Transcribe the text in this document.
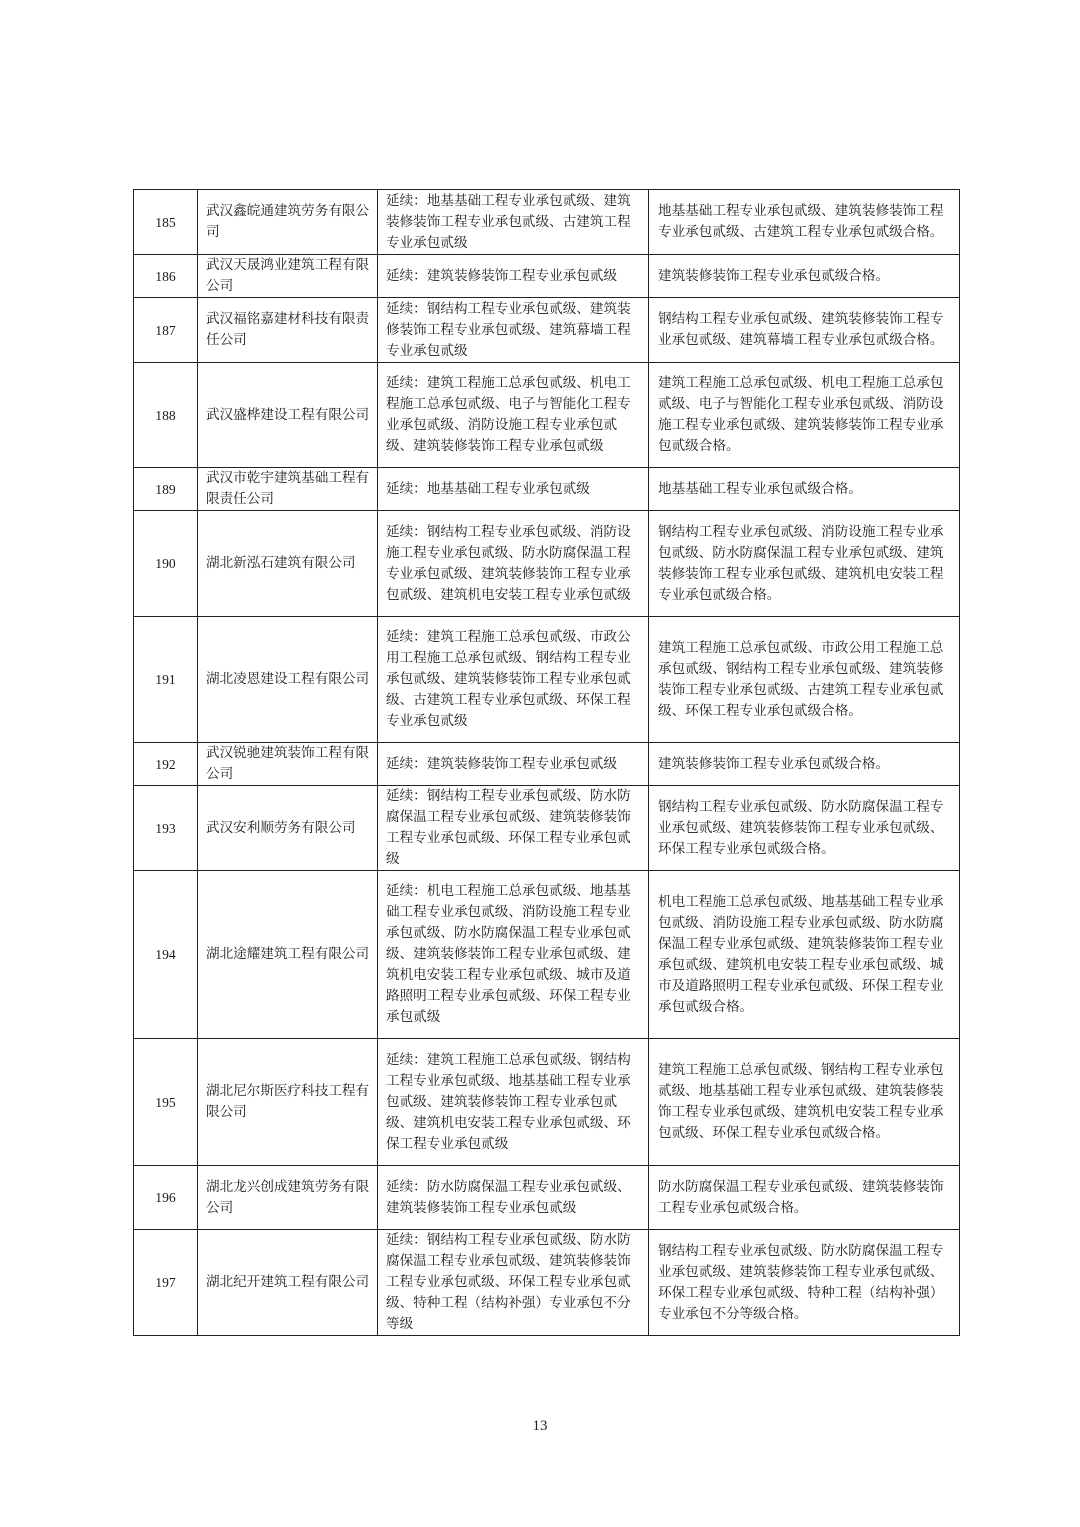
185	武汉鑫皖通建筑劳务有限公司	延续：地基基础工程专业承包贰级、建筑装修装饰工程专业承包贰级、古建筑工程专业承包贰级	地基基础工程专业承包贰级、建筑装修装饰工程专业承包贰级、古建筑工程专业承包贰级合格。
186	武汉天晟鸿业建筑工程有限公司	延续：建筑装修装饰工程专业承包贰级	建筑装修装饰工程专业承包贰级合格。
187	武汉福铭嘉建材科技有限责任公司	延续：钢结构工程专业承包贰级、建筑装修装饰工程专业承包贰级、建筑幕墙工程专业承包贰级	钢结构工程专业承包贰级、建筑装修装饰工程专业承包贰级、建筑幕墙工程专业承包贰级合格。
188	武汉盛桦建设工程有限公司	延续：建筑工程施工总承包贰级、机电工程施工总承包贰级、电子与智能化工程专业承包贰级、消防设施工程专业承包贰级、建筑装修装饰工程专业承包贰级	建筑工程施工总承包贰级、机电工程施工总承包贰级、电子与智能化工程专业承包贰级、消防设施工程专业承包贰级、建筑装修装饰工程专业承包贰级合格。
189	武汉市乾宇建筑基础工程有限责任公司	延续：地基基础工程专业承包贰级	地基基础工程专业承包贰级合格。
190	湖北新泓石建筑有限公司	延续：钢结构工程专业承包贰级、消防设施工程专业承包贰级、防水防腐保温工程专业承包贰级、建筑装修装饰工程专业承包贰级、建筑机电安装工程专业承包贰级	钢结构工程专业承包贰级、消防设施工程专业承包贰级、防水防腐保温工程专业承包贰级、建筑装修装饰工程专业承包贰级、建筑机电安装工程专业承包贰级合格。
191	湖北凌恩建设工程有限公司	延续：建筑工程施工总承包贰级、市政公用工程施工总承包贰级、钢结构工程专业承包贰级、建筑装修装饰工程专业承包贰级、古建筑工程专业承包贰级、环保工程专业承包贰级	建筑工程施工总承包贰级、市政公用工程施工总承包贰级、钢结构工程专业承包贰级、建筑装修装饰工程专业承包贰级、古建筑工程专业承包贰级、环保工程专业承包贰级合格。
192	武汉锐驰建筑装饰工程有限公司	延续：建筑装修装饰工程专业承包贰级	建筑装修装饰工程专业承包贰级合格。
193	武汉安利顺劳务有限公司	延续：钢结构工程专业承包贰级、防水防腐保温工程专业承包贰级、建筑装修装饰工程专业承包贰级、环保工程专业承包贰级	钢结构工程专业承包贰级、防水防腐保温工程专业承包贰级、建筑装修装饰工程专业承包贰级、环保工程专业承包贰级合格。
194	湖北途耀建筑工程有限公司	延续：机电工程施工总承包贰级、地基基础工程专业承包贰级、消防设施工程专业承包贰级、防水防腐保温工程专业承包贰级、建筑装修装饰工程专业承包贰级、建筑机电安装工程专业承包贰级、城市及道路照明工程专业承包贰级、环保工程专业承包贰级	机电工程施工总承包贰级、地基基础工程专业承包贰级、消防设施工程专业承包贰级、防水防腐保温工程专业承包贰级、建筑装修装饰工程专业承包贰级、建筑机电安装工程专业承包贰级、城市及道路照明工程专业承包贰级、环保工程专业承包贰级合格。
195	湖北尼尔斯医疗科技工程有限公司	延续：建筑工程施工总承包贰级、钢结构工程专业承包贰级、地基基础工程专业承包贰级、建筑装修装饰工程专业承包贰级、建筑机电安装工程专业承包贰级、环保工程专业承包贰级	建筑工程施工总承包贰级、钢结构工程专业承包贰级、地基基础工程专业承包贰级、建筑装修装饰工程专业承包贰级、建筑机电安装工程专业承包贰级、环保工程专业承包贰级合格。
196	湖北龙兴创成建筑劳务有限公司	延续：防水防腐保温工程专业承包贰级、建筑装修装饰工程专业承包贰级	防水防腐保温工程专业承包贰级、建筑装修装饰工程专业承包贰级合格。
197	湖北纪开建筑工程有限公司	延续：钢结构工程专业承包贰级、防水防腐保温工程专业承包贰级、建筑装修装饰工程专业承包贰级、环保工程专业承包贰级、特种工程（结构补强）专业承包不分等级	钢结构工程专业承包贰级、防水防腐保温工程专业承包贰级、建筑装修装饰工程专业承包贰级、环保工程专业承包贰级、特种工程（结构补强）专业承包不分等级合格。
13
